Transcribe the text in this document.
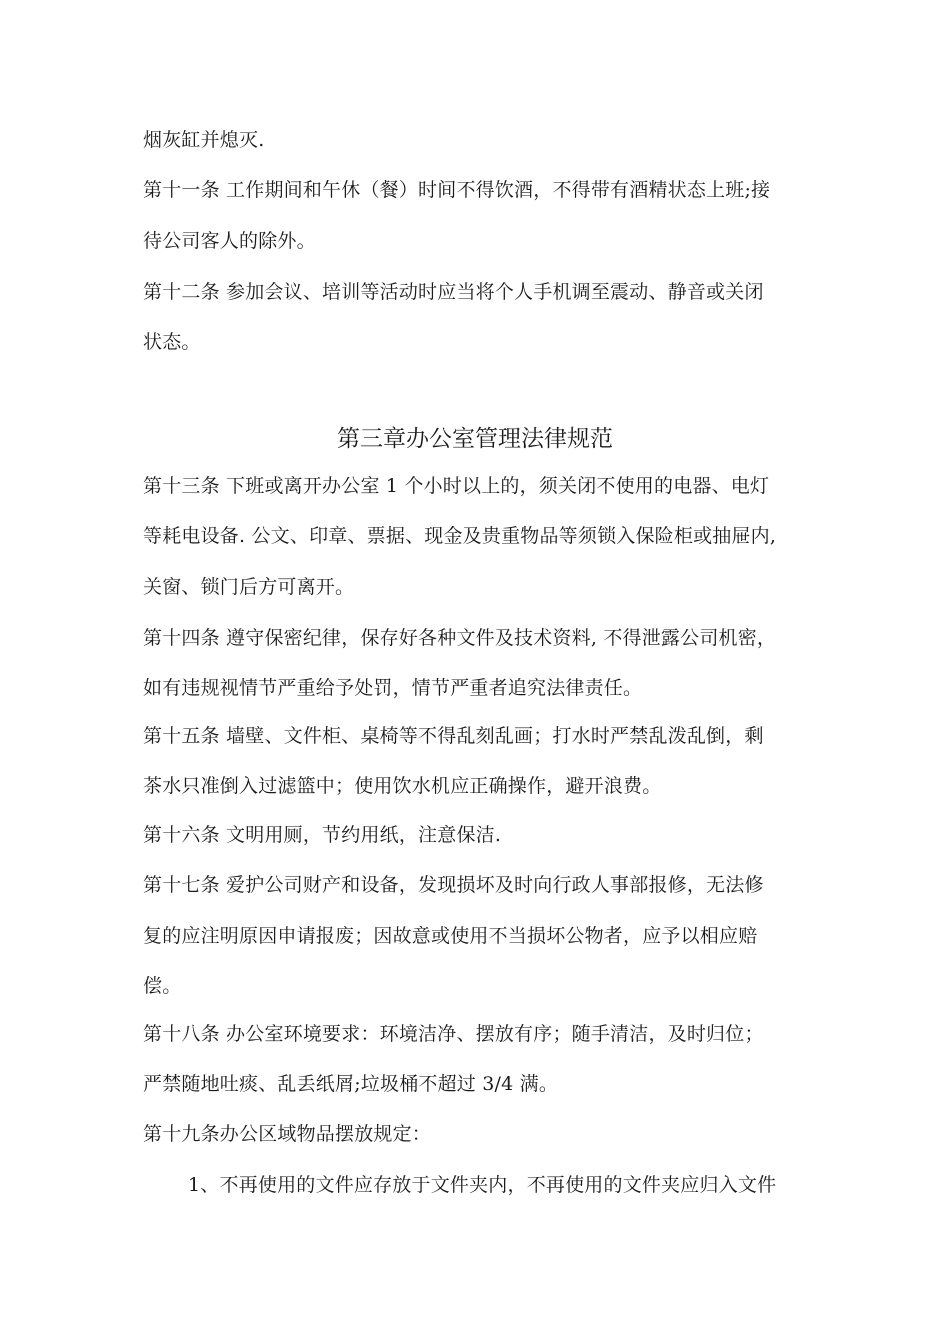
烟灰缸并熄灭.
第十一条 工作期间和午休（餐）时间不得饮酒，不得带有酒精状态上班;接
待公司客人的除外。
第十二条 参加会议、培训等活动时应当将个人手机调至震动、静音或关闭
状态。
第三章办公室管理法律规范
第十三条 下班或离开办公室 1 个小时以上的，须关闭不使用的电器、电灯
等耗电设备. 公文、印章、票据、现金及贵重物品等须锁入保险柜或抽屉内,
关窗、锁门后方可离开。
第十四条 遵守保密纪律，保存好各种文件及技术资料, 不得泄露公司机密，
如有违规视情节严重给予处罚，情节严重者追究法律责任。
第十五条 墙壁、文件柜、桌椅等不得乱刻乱画；打水时严禁乱泼乱倒，剩
茶水只准倒入过滤篮中；使用饮水机应正确操作，避开浪费。
第十六条 文明用厕，节约用纸，注意保洁.
第十七条 爱护公司财产和设备，发现损坏及时向行政人事部报修，无法修
复的应注明原因申请报废；因故意或使用不当损坏公物者，应予以相应赔
偿。
第十八条 办公室环境要求：环境洁净、摆放有序；随手清洁，及时归位；
严禁随地吐痰、乱丢纸屑;垃圾桶不超过 3/4 满。
第十九条办公区域物品摆放规定：
1、不再使用的文件应存放于文件夹内，不再使用的文件夹应归入文件
